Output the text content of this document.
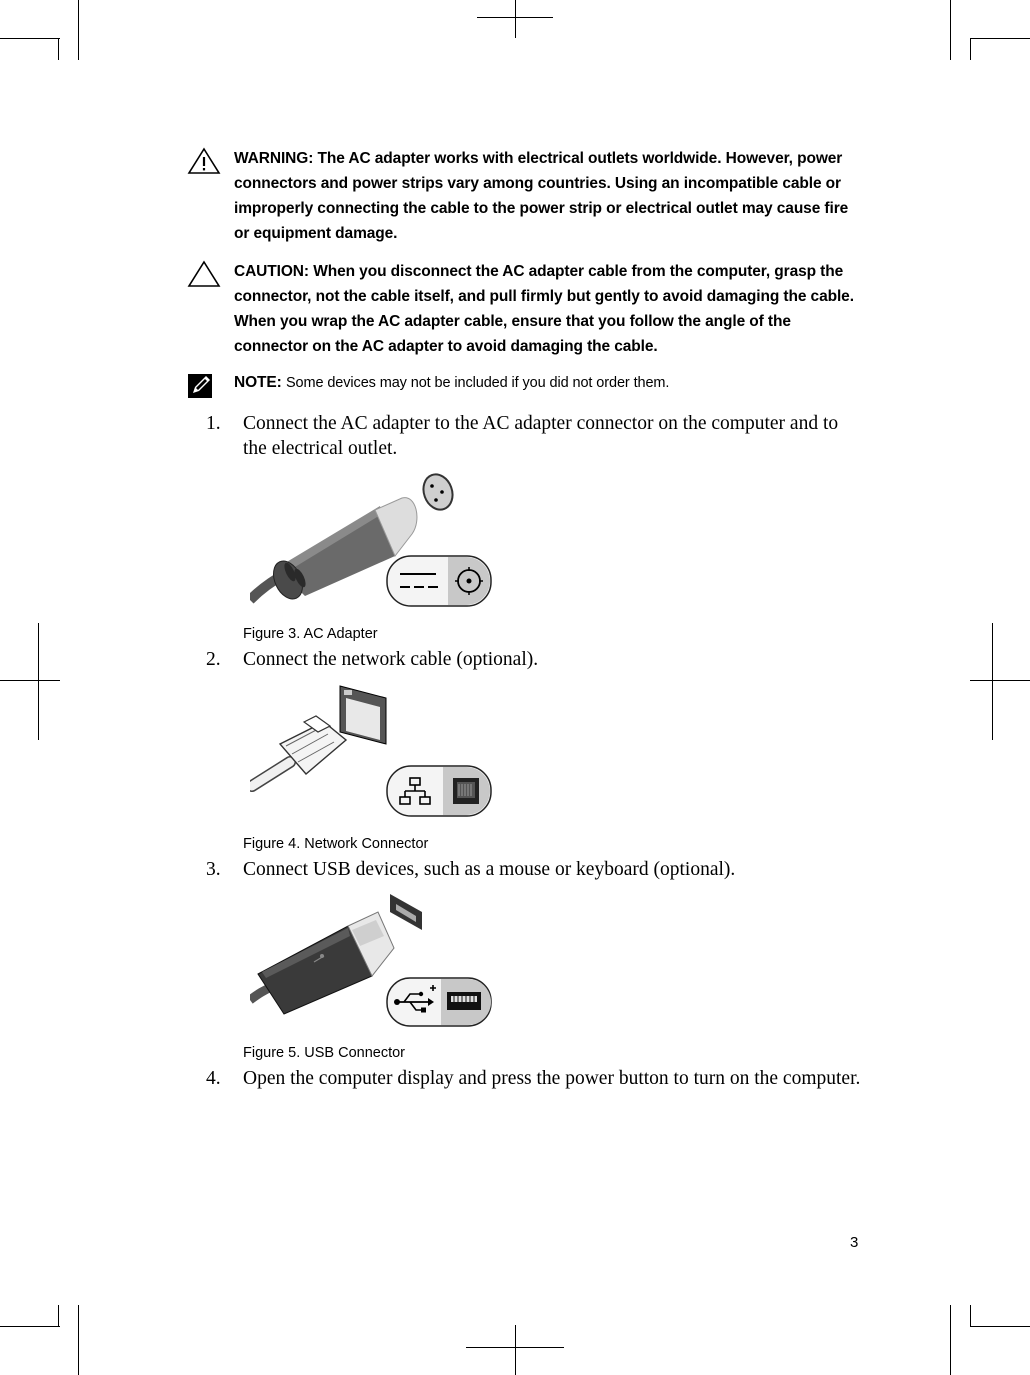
WARNING: The AC adapter works with electrical outlets worldwide. However, power connectors and power strips vary among countries. Using an incompatible cable or improperly connecting the cable to the power strip or electrical outlet may cause fire or equipment damage.
CAUTION: When you disconnect the AC adapter cable from the computer, grasp the connector, not the cable itself, and pull firmly but gently to avoid damaging the cable. When you wrap the AC adapter cable, ensure that you follow the angle of the connector on the AC adapter to avoid damaging the cable.
NOTE: Some devices may not be included if you did not order them.
1.	Connect the AC adapter to the AC adapter connector on the computer and to the electrical outlet.
Figure 3. AC Adapter
2.	Connect the network cable (optional).
Figure 4. Network Connector
3.	Connect USB devices, such as a mouse or keyboard (optional).
Figure 5. USB Connector
4.	Open the computer display and press the power button to turn on the computer.
3
